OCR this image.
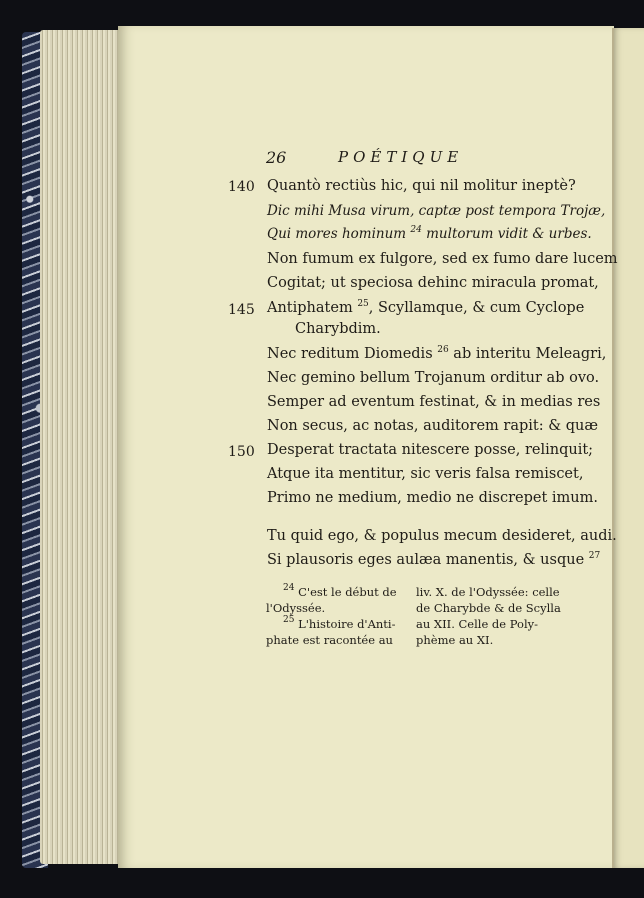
26	POÉTIQUE
140
145
150
Quantò rectiùs hic, qui nil molitur ineptè?
Dic mihi Musa virum, captæ post tempora Trojæ,
Qui mores hominum $^{24}$ multorum vidit & urbes.
Non fumum ex fulgore, sed ex fumo dare lucem
Cogitat; ut speciosa dehinc miracula promat,
Antiphatem $^{25}$, Scyllamque, & cum Cyclope
Charybdim.
Nec reditum Diomedis $^{26}$ ab interitu Meleagri,
Nec gemino bellum Trojanum orditur ab ovo.
Semper ad eventum festinat, & in medias res
Non secus, ac notas, auditorem rapit: & quæ
Desperat tractata nitescere posse, relinquit;
Atque ita mentitur, sic veris falsa remiscet,
Primo ne medium, medio ne discrepet imum.
Tu quid ego, & populus mecum desideret, audi.
Si plausoris eges aulæa manentis, & usque $^{27}$
$^{24}$ C'est le début de
l'Odyssée.
$^{25}$ L'histoire d'Anti-
phate est racontée au
liv. X. de l'Odyssée: celle
de Charybde & de Scylla
au XII. Celle de Poly-
phème au XI.
